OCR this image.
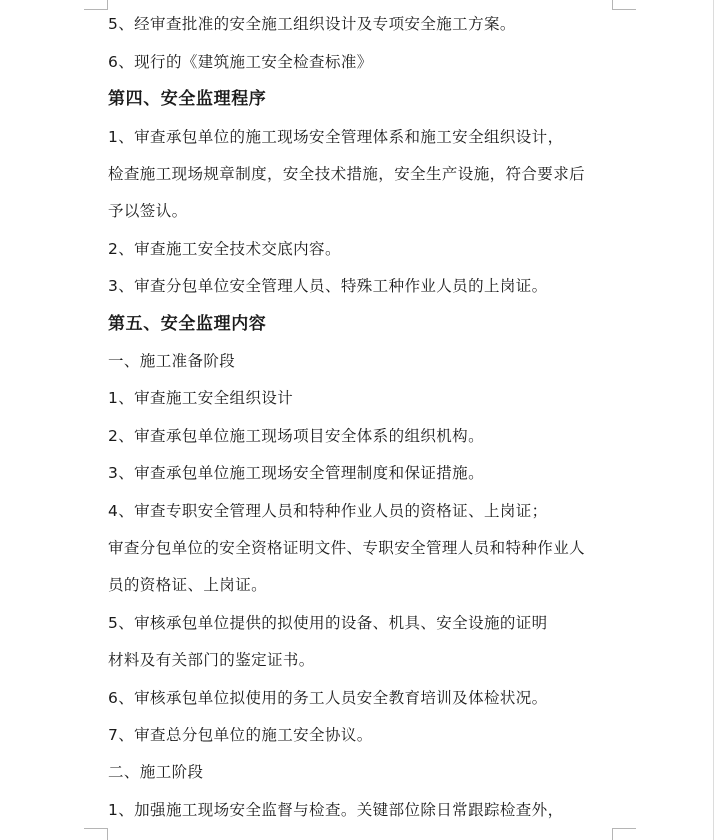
5、经审查批准的安全施工组织设计及专项安全施工方案。
6、现行的《建筑施工安全检查标准》
第四、安全监理程序
1、审查承包单位的施工现场安全管理体系和施工安全组织设计，
检查施工现场规章制度，安全技术措施，安全生产设施，符合要求后
予以签认。
2、审查施工安全技术交底内容。
3、审查分包单位安全管理人员、特殊工种作业人员的上岗证。
第五、安全监理内容
一、施工准备阶段
1、审查施工安全组织设计
2、审查承包单位施工现场项目安全体系的组织机构。
3、审查承包单位施工现场安全管理制度和保证措施。
4、审查专职安全管理人员和特种作业人员的资格证、上岗证；
审查分包单位的安全资格证明文件、专职安全管理人员和特种作业人
员的资格证、上岗证。
5、审核承包单位提供的拟使用的设备、机具、安全设施的证明
材料及有关部门的鉴定证书。
6、审核承包单位拟使用的务工人员安全教育培训及体检状况。
7、审查总分包单位的施工安全协议。
二、施工阶段
1、加强施工现场安全监督与检查。关键部位除日常跟踪检查外，
